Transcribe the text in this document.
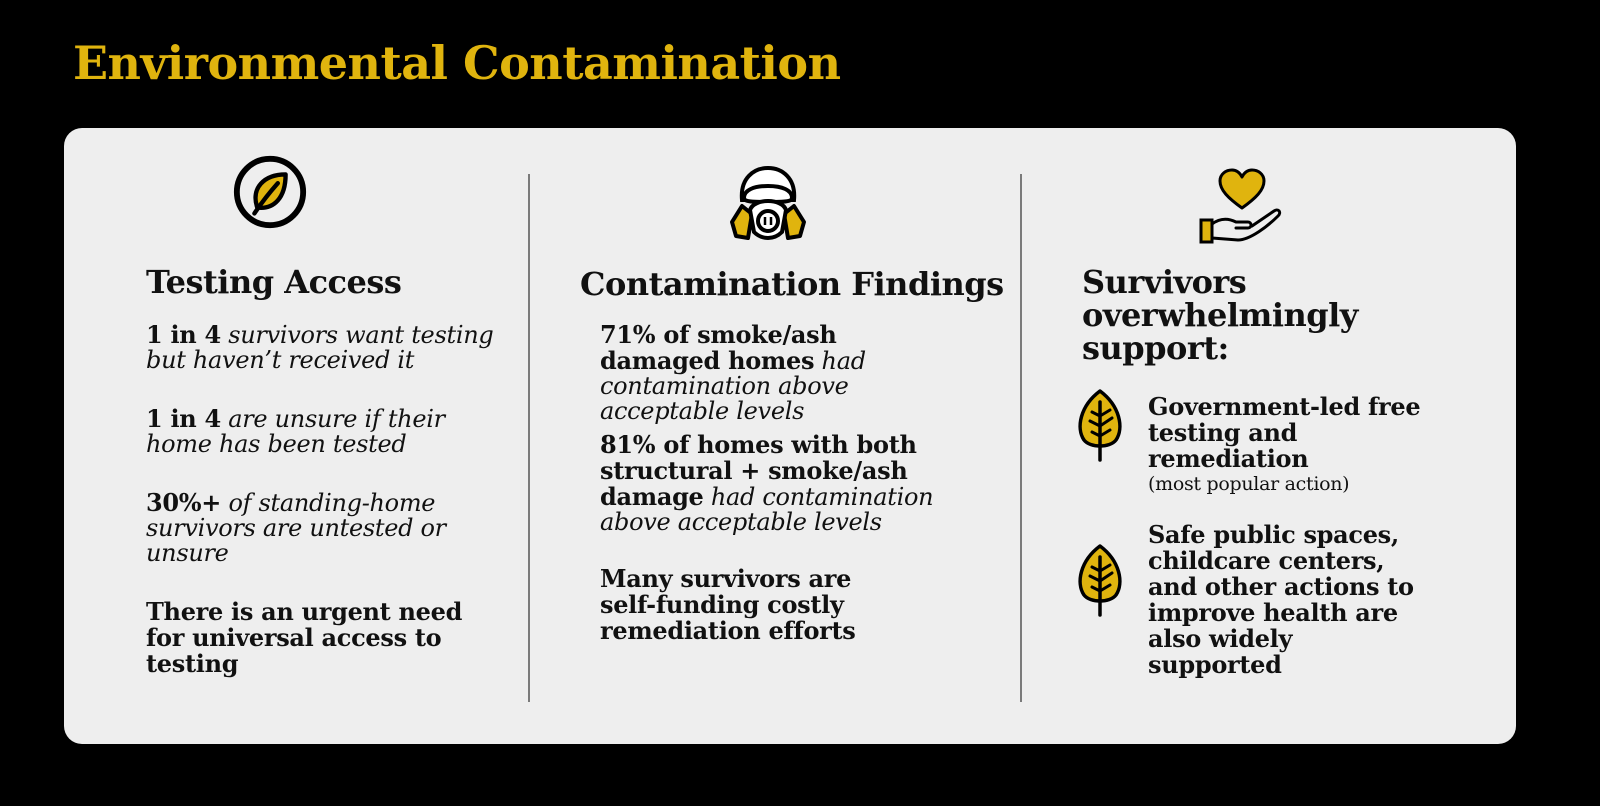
Environmental Contamination
Testing Access

1 in 4 survivors want testing but haven’t received it

1 in 4 are unsure if their home has been tested

30%+ of standing-home survivors are untested or unsure

There is an urgent need for universal access to testing

Contamination Findings

71% of smoke/ash damaged homes had contamination above acceptable levels

81% of homes with both structural + smoke/ash damage had contamination above acceptable levels

Many survivors are self-funding costly remediation efforts

Survivors overwhelmingly support:

Government-led free testing and remediation
(most popular action)

Safe public spaces, childcare centers, and other actions to improve health are also widely supported
